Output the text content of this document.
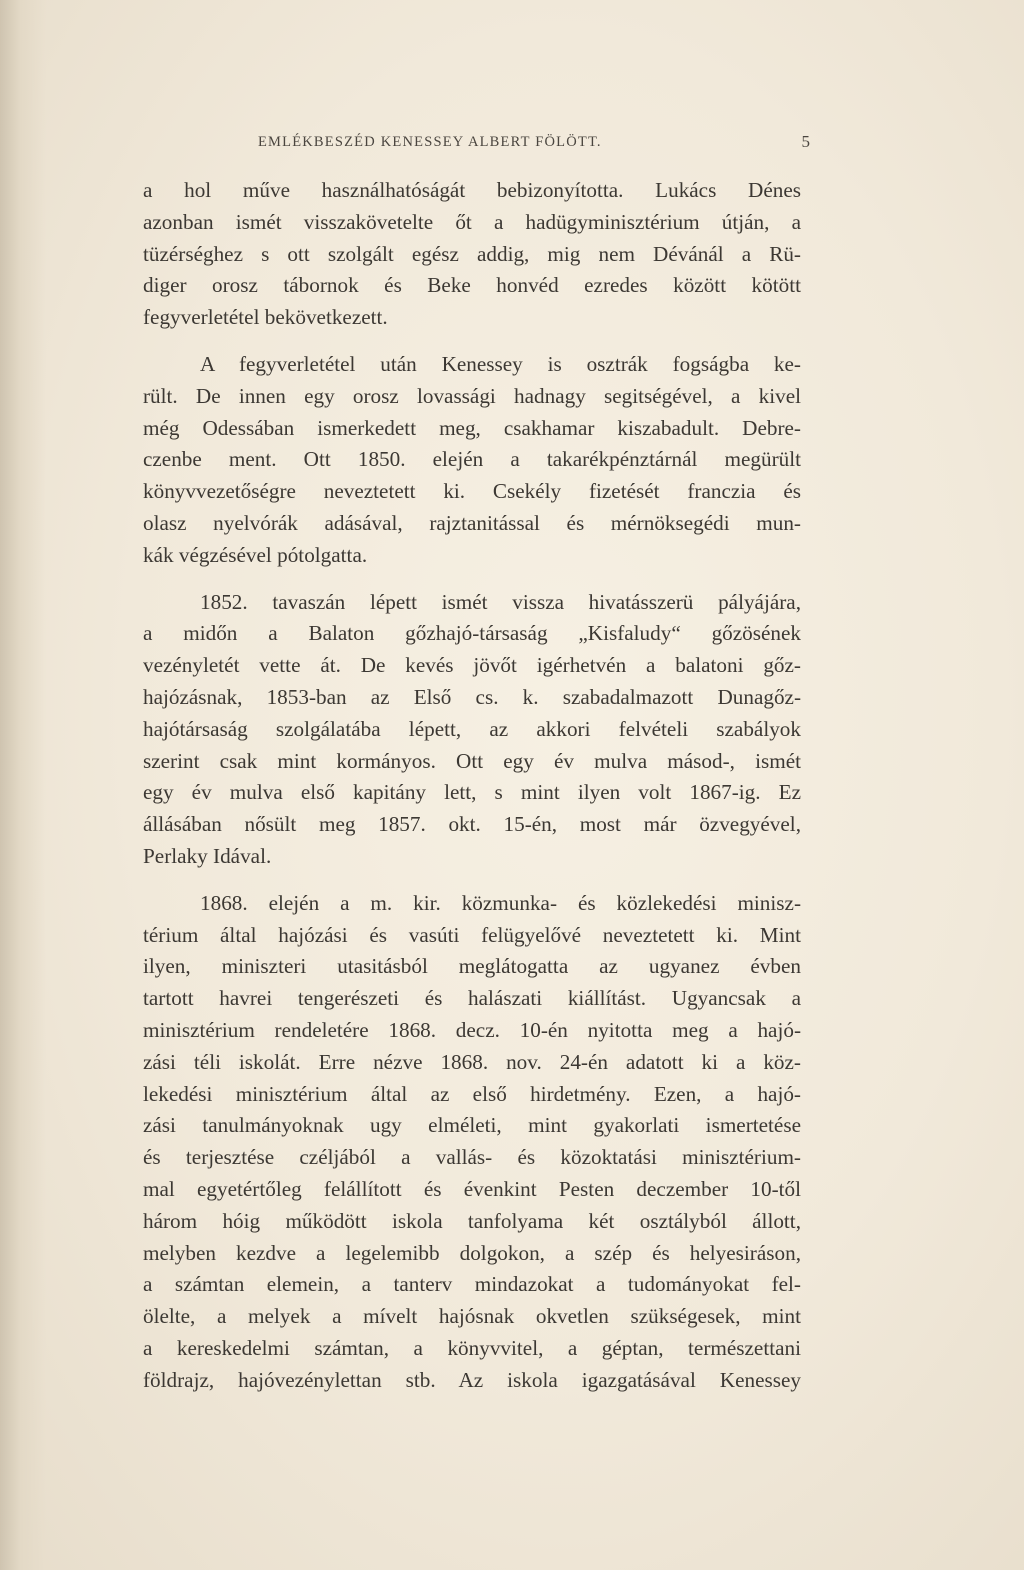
EMLÉKBESZÉD KENESSEY ALBERT FÖLÖTT.	5
a hol műve használhatóságát bebizonyította. Lukács Dénes
azonban ismét visszakövetelte őt a hadügyminisztérium útján, a
tüzérséghez s ott szolgált egész addig, mig nem Dévánál a Rü-
diger orosz tábornok és Beke honvéd ezredes között kötött
fegyverletétel bekövetkezett.
A fegyverletétel után Kenessey is osztrák fogságba ke-
rült. De innen egy orosz lovassági hadnagy segitségével, a kivel
még Odessában ismerkedett meg, csakhamar kiszabadult. Debre-
czenbe ment. Ott 1850. elején a takarékpénztárnál megürült
könyvvezetőségre neveztetett ki. Csekély fizetését franczia és
olasz nyelvórák adásával, rajztanitással és mérnöksegédi mun-
kák végzésével pótolgatta.
1852. tavaszán lépett ismét vissza hivatásszerü pályájára,
a midőn a Balaton gőzhajó-társaság „Kisfaludy“ gőzösének
vezényletét vette át. De kevés jövőt igérhetvén a balatoni gőz-
hajózásnak, 1853-ban az Első cs. k. szabadalmazott Dunagőz-
hajótársaság szolgálatába lépett, az akkori felvételi szabályok
szerint csak mint kormányos. Ott egy év mulva másod-, ismét
egy év mulva első kapitány lett, s mint ilyen volt 1867-ig. Ez
állásában nősült meg 1857. okt. 15-én, most már özvegyével,
Perlaky Idával.
1868. elején a m. kir. közmunka- és közlekedési minisz-
térium által hajózási és vasúti felügyelővé neveztetett ki. Mint
ilyen, miniszteri utasitásból meglátogatta az ugyanez évben
tartott havrei tengerészeti és halászati kiállítást. Ugyancsak a
minisztérium rendeletére 1868. decz. 10-én nyitotta meg a hajó-
zási téli iskolát. Erre nézve 1868. nov. 24-én adatott ki a köz-
lekedési minisztérium által az első hirdetmény. Ezen, a hajó-
zási tanulmányoknak ugy elméleti, mint gyakorlati ismertetése
és terjesztése czéljából a vallás- és közoktatási minisztérium-
mal egyetértőleg felállított és évenkint Pesten deczember 10-től
három hóig működött iskola tanfolyama két osztályból állott,
melyben kezdve a legelemibb dolgokon, a szép és helyesiráson,
a számtan elemein, a tanterv mindazokat a tudományokat fel-
ölelte, a melyek a mívelt hajósnak okvetlen szükségesek, mint
a kereskedelmi számtan, a könyvvitel, a géptan, természettani
földrajz, hajóvezénylettan stb. Az iskola igazgatásával Kenessey
